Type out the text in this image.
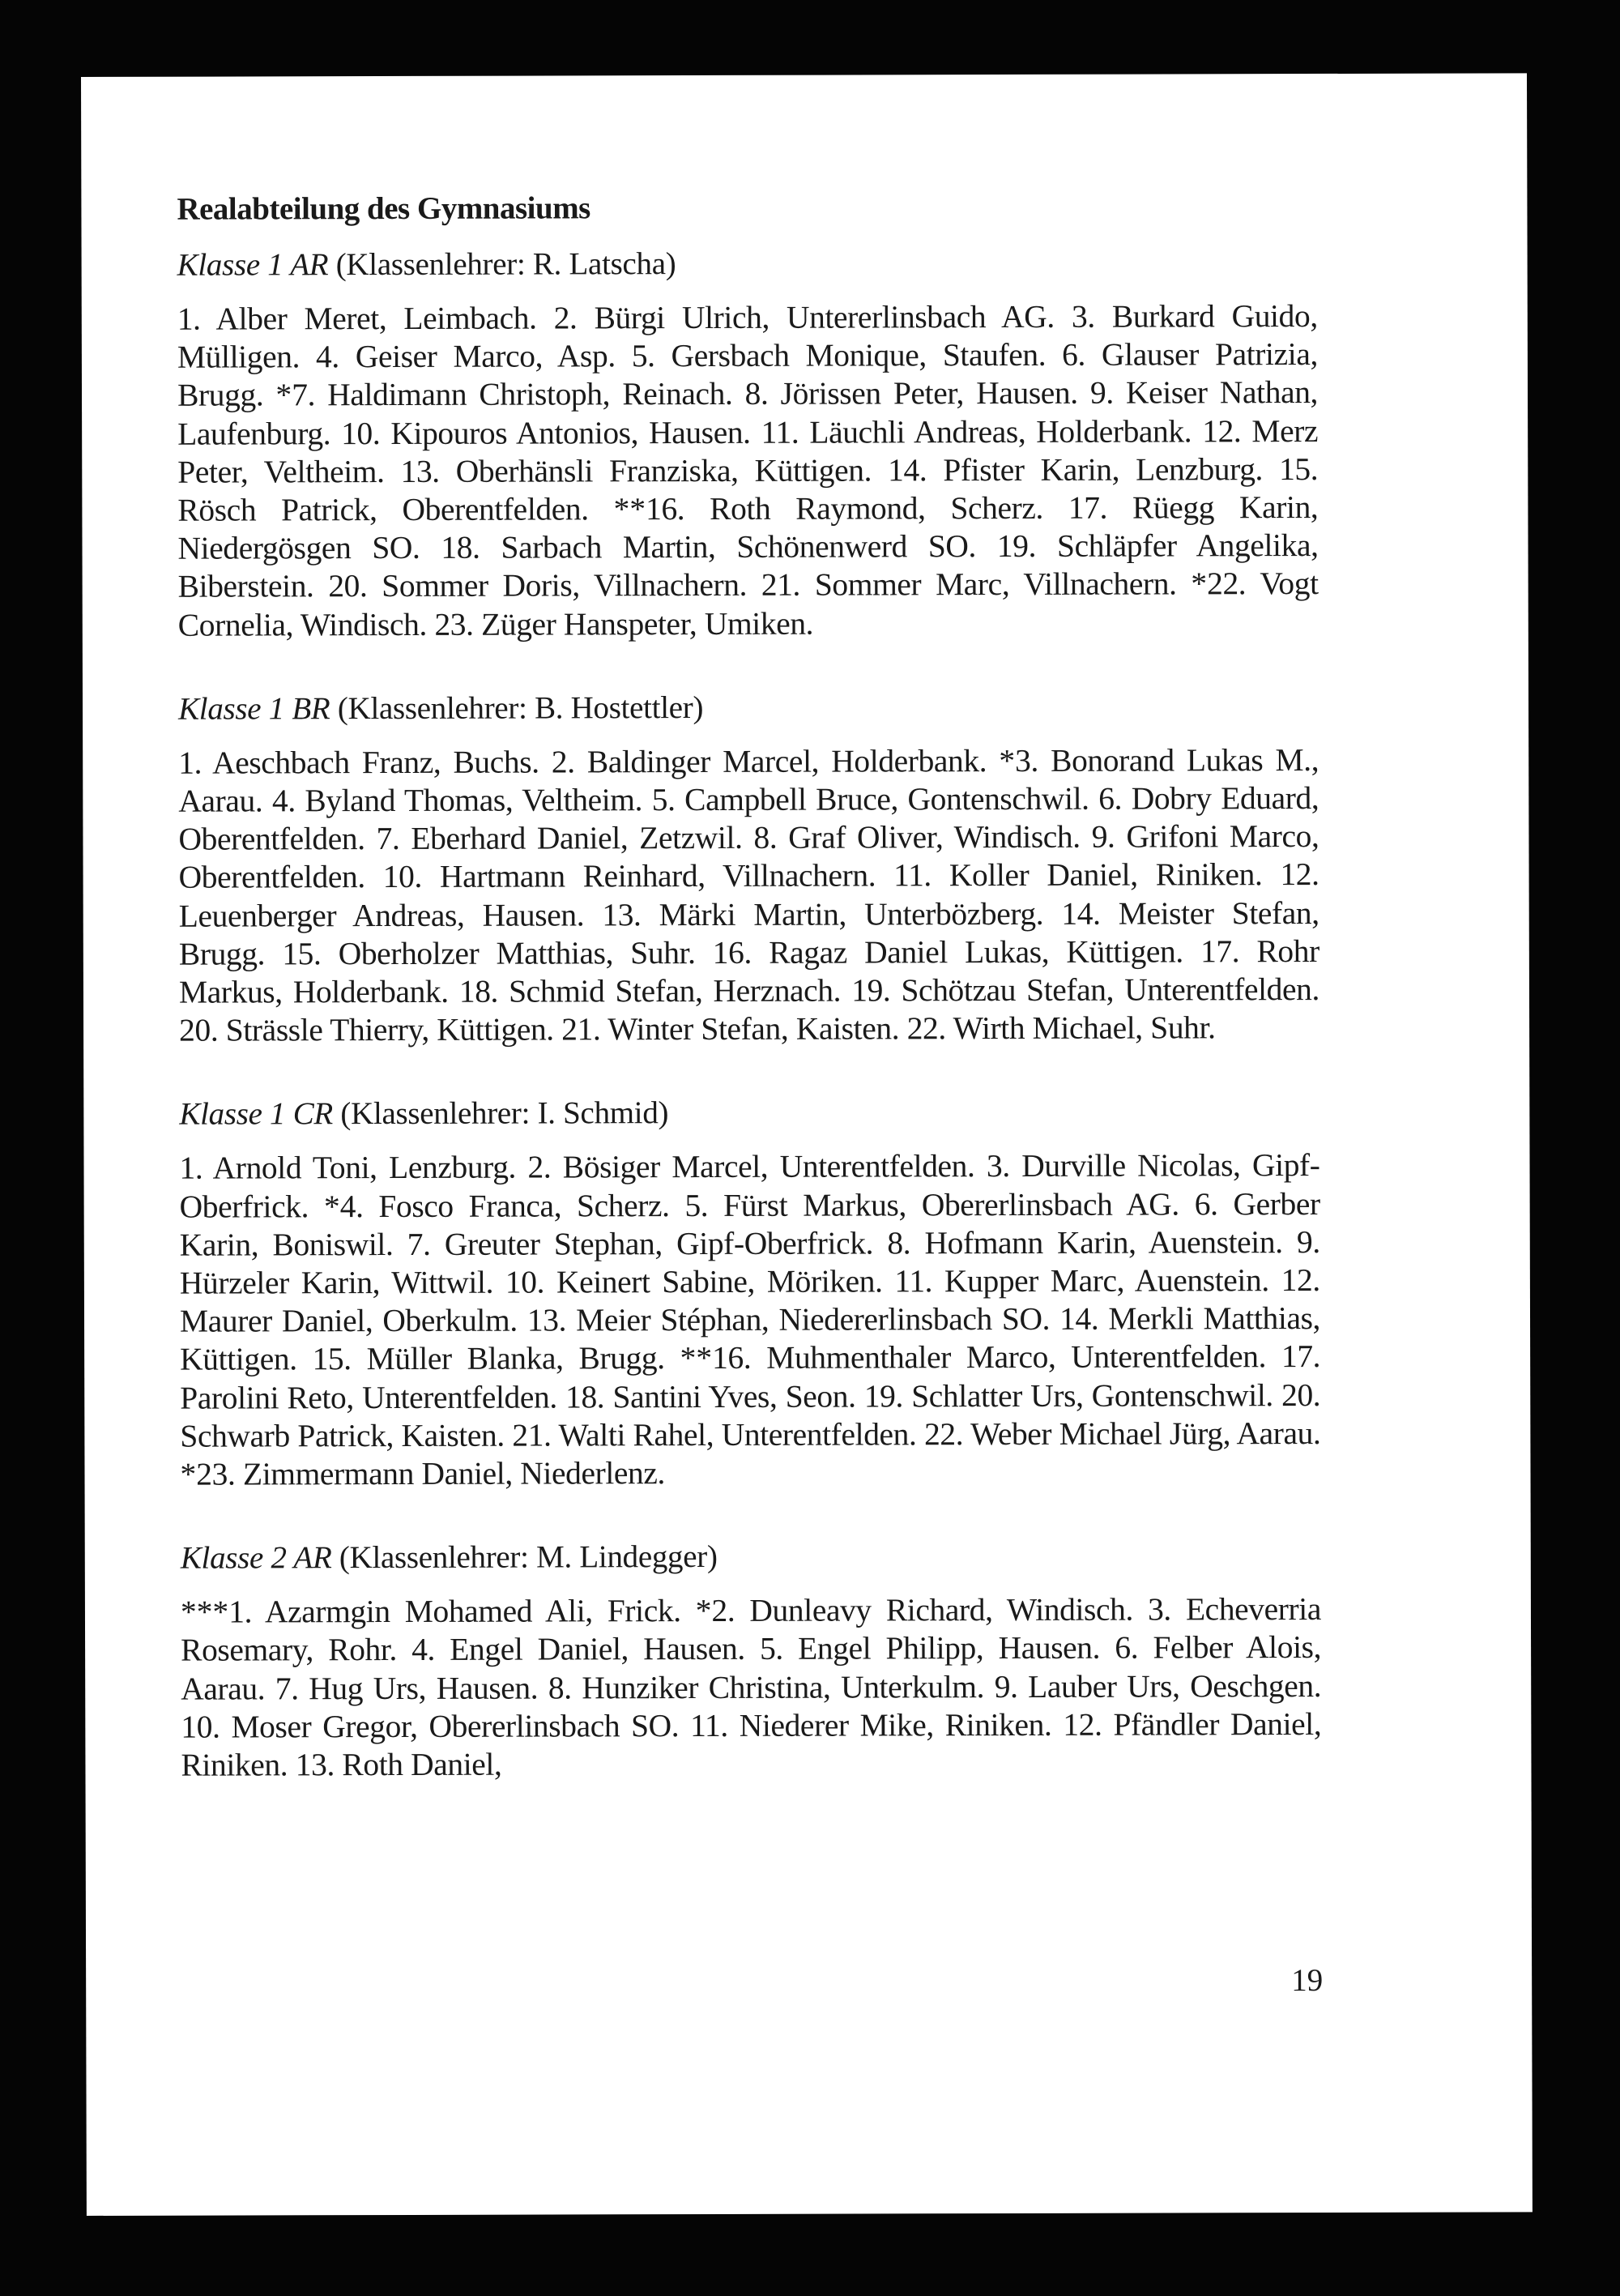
Realabteilung des Gymnasiums
Klasse 1 AR (Klassenlehrer: R. Latscha)

1. Alber Meret, Leimbach. 2. Bürgi Ulrich, Untererlinsbach AG. 3. Burkard Guido, Mülligen. 4. Geiser Marco, Asp. 5. Gersbach Monique, Staufen. 6. Glauser Patrizia, Brugg. *7. Haldimann Christoph, Reinach. 8. Jörissen Peter, Hausen. 9. Keiser Nathan, Laufenburg. 10. Kipouros Antonios, Hausen. 11. Läuchli Andreas, Holderbank. 12. Merz Peter, Veltheim. 13. Oberhänsli Franziska, Küttigen. 14. Pfister Karin, Lenzburg. 15. Rösch Patrick, Oberentfelden. **16. Roth Raymond, Scherz. 17. Rüegg Karin, Niedergösgen SO. 18. Sarbach Martin, Schönenwerd SO. 19. Schläpfer Angelika, Biberstein. 20. Sommer Doris, Villnachern. 21. Sommer Marc, Villnachern. *22. Vogt Cornelia, Windisch. 23. Züger Hanspeter, Umiken.

Klasse 1 BR (Klassenlehrer: B. Hostettler)

1. Aeschbach Franz, Buchs. 2. Baldinger Marcel, Holderbank. *3. Bonorand Lukas M., Aarau. 4. Byland Thomas, Veltheim. 5. Campbell Bruce, Gontenschwil. 6. Dobry Eduard, Oberentfelden. 7. Eberhard Daniel, Zetzwil. 8. Graf Oliver, Windisch. 9. Grifoni Marco, Oberentfelden. 10. Hartmann Reinhard, Villnachern. 11. Koller Daniel, Riniken. 12. Leuenberger Andreas, Hausen. 13. Märki Martin, Unterbözberg. 14. Meister Stefan, Brugg. 15. Oberholzer Matthias, Suhr. 16. Ragaz Daniel Lukas, Küttigen. 17. Rohr Markus, Holderbank. 18. Schmid Stefan, Herznach. 19. Schötzau Stefan, Unterentfelden. 20. Strässle Thierry, Küttigen. 21. Winter Stefan, Kaisten. 22. Wirth Michael, Suhr.

Klasse 1 CR (Klassenlehrer: I. Schmid)

1. Arnold Toni, Lenzburg. 2. Bösiger Marcel, Unterentfelden. 3. Durville Nicolas, Gipf-Oberfrick. *4. Fosco Franca, Scherz. 5. Fürst Markus, Obererlinsbach AG. 6. Gerber Karin, Boniswil. 7. Greuter Stephan, Gipf-Oberfrick. 8. Hofmann Karin, Auenstein. 9. Hürzeler Karin, Wittwil. 10. Keinert Sabine, Möriken. 11. Kupper Marc, Auenstein. 12. Maurer Daniel, Oberkulm. 13. Meier Stéphan, Niedererlinsbach SO. 14. Merkli Matthias, Küttigen. 15. Müller Blanka, Brugg. **16. Muhmenthaler Marco, Unterentfelden. 17. Parolini Reto, Unterentfelden. 18. Santini Yves, Seon. 19. Schlatter Urs, Gontenschwil. 20. Schwarb Patrick, Kaisten. 21. Walti Rahel, Unterentfelden. 22. Weber Michael Jürg, Aarau. *23. Zimmermann Daniel, Niederlenz.

Klasse 2 AR (Klassenlehrer: M. Lindegger)

***1. Azarmgin Mohamed Ali, Frick. *2. Dunleavy Richard, Windisch. 3. Echeverria Rosemary, Rohr. 4. Engel Daniel, Hausen. 5. Engel Philipp, Hausen. 6. Felber Alois, Aarau. 7. Hug Urs, Hausen. 8. Hunziker Christina, Unterkulm. 9. Lauber Urs, Oeschgen. 10. Moser Gregor, Obererlinsbach SO. 11. Niederer Mike, Riniken. 12. Pfändler Daniel, Riniken. 13. Roth Daniel,

19
